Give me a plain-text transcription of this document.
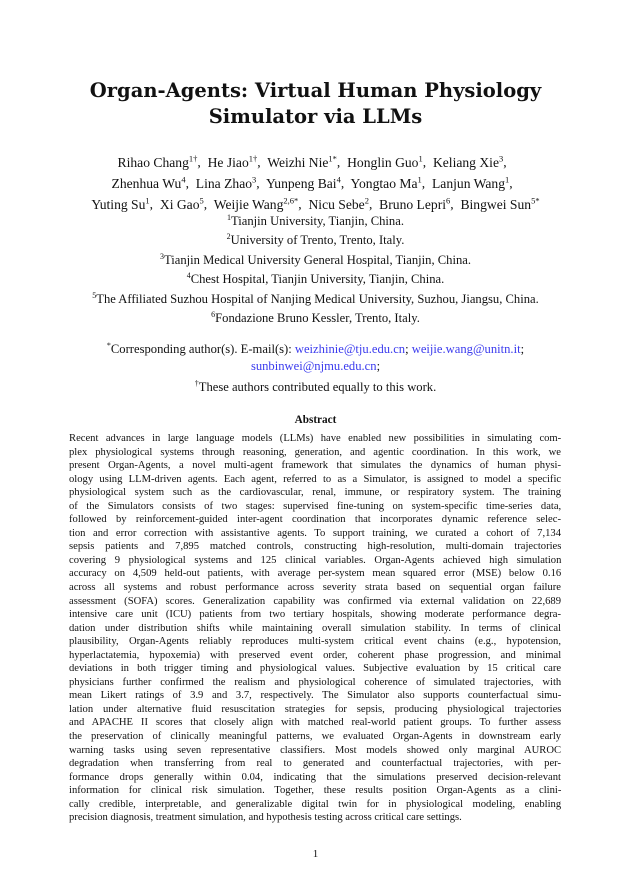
Organ-Agents: Virtual Human Physiology
Simulator via LLMs
Rihao Chang$^{1\dagger}$,  He Jiao$^{1\dagger}$,  Weizhi Nie$^{1*}$,  Honglin Guo$^1$,  Keliang Xie$^3$,
Zhenhua Wu$^4$,  Lina Zhao$^3$,  Yunpeng Bai$^4$,  Yongtao Ma$^1$,  Lanjun Wang$^1$,
Yuting Su$^1$,  Xi Gao$^5$,  Weijie Wang$^{2,6*}$,  Nicu Sebe$^2$,  Bruno Lepri$^6$,  Bingwei Sun$^{5*}$
$^1$Tianjin University, Tianjin, China.
$^2$University of Trento, Trento, Italy.
$^3$Tianjin Medical University General Hospital, Tianjin, China.
$^4$Chest Hospital, Tianjin University, Tianjin, China.
$^5$The Affiliated Suzhou Hospital of Nanjing Medical University, Suzhou, Jiangsu, China.
$^6$Fondazione Bruno Kessler, Trento, Italy.
*Corresponding author(s). E-mail(s): weizhinie@tju.edu.cn; weijie.wang@unitn.it;
sunbinwei@njmu.edu.cn;
†These authors contributed equally to this work.
Abstract
Recent advances in large language models (LLMs) have enabled new possibilities in simulating com-
plex physiological systems through reasoning, generation, and agentic coordination. In this work, we
present Organ-Agents, a novel multi-agent framework that simulates the dynamics of human physi-
ology using LLM-driven agents. Each agent, referred to as a Simulator, is assigned to model a specific
physiological system such as the cardiovascular, renal, immune, or respiratory system. The training
of the Simulators consists of two stages: supervised fine-tuning on system-specific time-series data,
followed by reinforcement-guided inter-agent coordination that incorporates dynamic reference selec-
tion and error correction with assistantive agents. To support training, we curated a cohort of 7,134
sepsis patients and 7,895 matched controls, constructing high-resolution, multi-domain trajectories
covering 9 physiological systems and 125 clinical variables. Organ-Agents achieved high simulation
accuracy on 4,509 held-out patients, with average per-system mean squared error (MSE) below 0.16
across all systems and robust performance across severity strata based on sequential organ failure
assessment (SOFA) scores. Generalization capability was confirmed via external validation on 22,689
intensive care unit (ICU) patients from two tertiary hospitals, showing moderate performance degra-
dation under distribution shifts while maintaining overall simulation stability. In terms of clinical
plausibility, Organ-Agents reliably reproduces multi-system critical event chains (e.g., hypotension,
hyperlactatemia, hypoxemia) with preserved event order, coherent phase progression, and minimal
deviations in both trigger timing and physiological values. Subjective evaluation by 15 critical care
physicians further confirmed the realism and physiological coherence of simulated trajectories, with
mean Likert ratings of 3.9 and 3.7, respectively. The Simulator also supports counterfactual simu-
lation under alternative fluid resuscitation strategies for sepsis, producing physiological trajectories
and APACHE II scores that closely align with matched real-world patient groups. To further assess
the preservation of clinically meaningful patterns, we evaluated Organ-Agents in downstream early
warning tasks using seven representative classifiers. Most models showed only marginal AUROC
degradation when transferring from real to generated and counterfactual trajectories, with per-
formance drops generally within 0.04, indicating that the simulations preserved decision-relevant
information for clinical risk simulation. Together, these results position Organ-Agents as a clini-
cally credible, interpretable, and generalizable digital twin for in physiological modeling, enabling
precision diagnosis, treatment simulation, and hypothesis testing across critical care settings.
1
